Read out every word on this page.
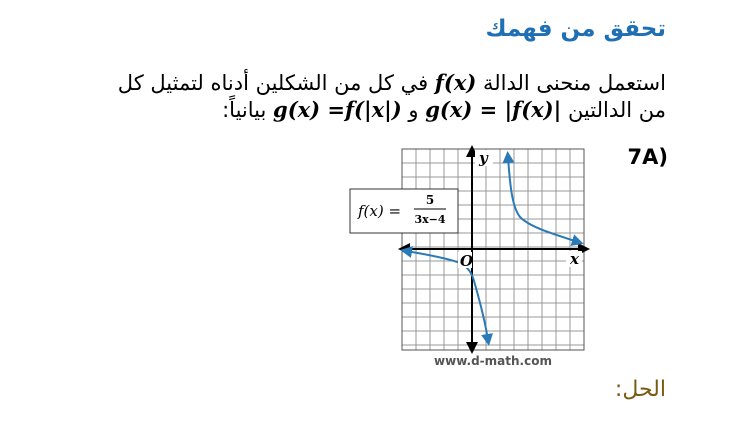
تحقق من فهمك
استعمل منحنى الدالة f(x) في كل من الشكلين أدناه لتمثيل كل
من الدالتين g(x) = |f(x)| و g(x) =f(|x|) بيانياً:
7A)
y
x
O
f(x) =
5
3x−4
www.d-math.com
الحل:
